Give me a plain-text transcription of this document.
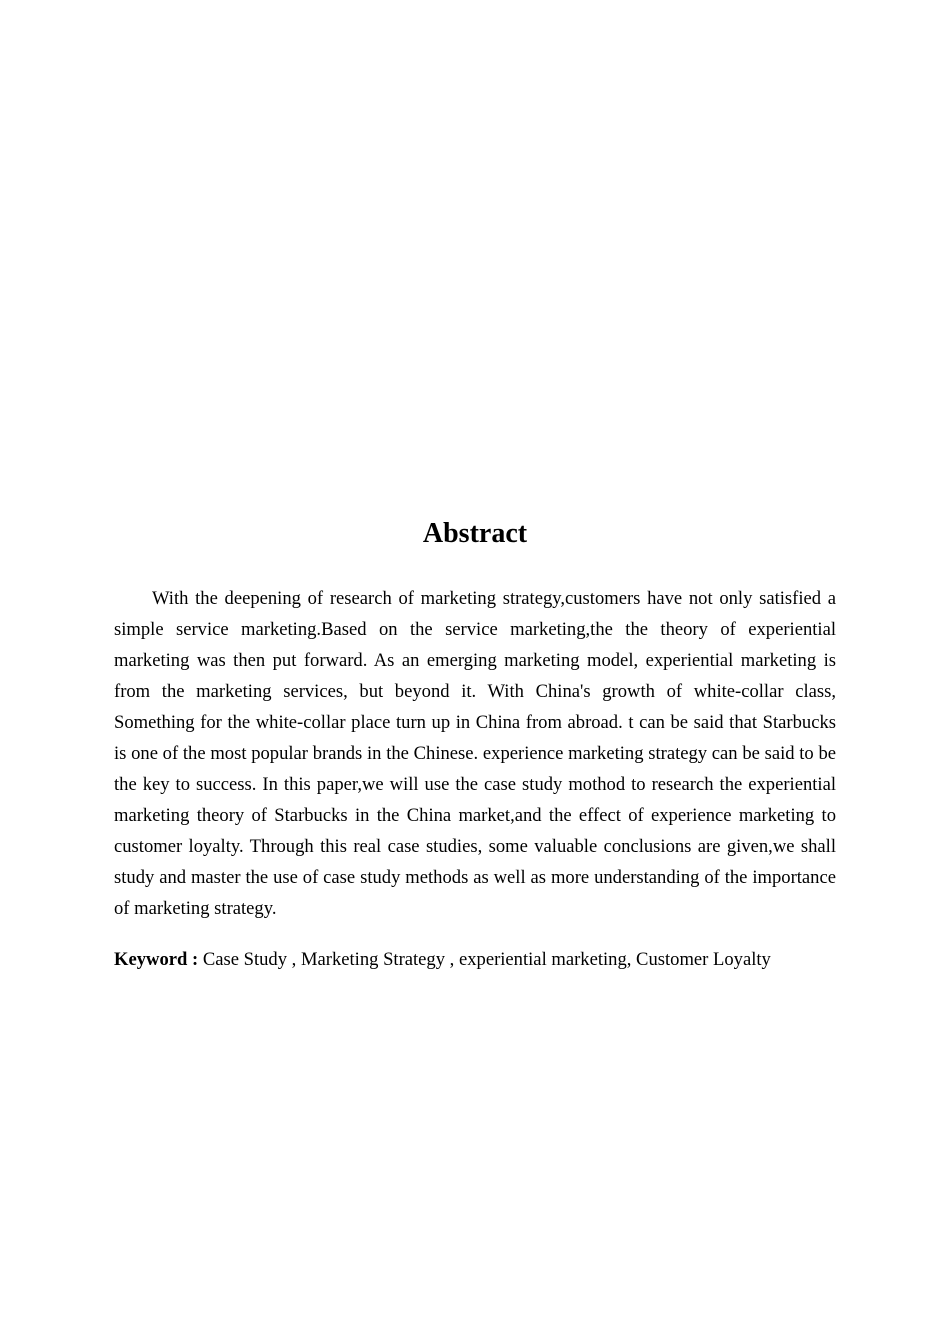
Abstract

With the deepening of research of marketing strategy,customers have not only satisfied a simple service marketing.Based on the service marketing,the the theory of experiential marketing was then put forward. As an emerging marketing model, experiential marketing is from the marketing services, but beyond it. With China's growth of white-collar class, Something for the white-collar place turn up in China from abroad. t can be said that Starbucks is one of the most popular brands in the Chinese. experience marketing strategy can be said to be the key to success. In this paper,we will use the case study mothod to research the experiential marketing theory of Starbucks in the China market,and the effect of experience marketing to customer loyalty. Through this real case studies, some valuable conclusions are given,we shall study and master the use of case study methods as well as more understanding of the importance of marketing strategy.

Keyword : Case Study , Marketing Strategy , experiential marketing, Customer Loyalty
